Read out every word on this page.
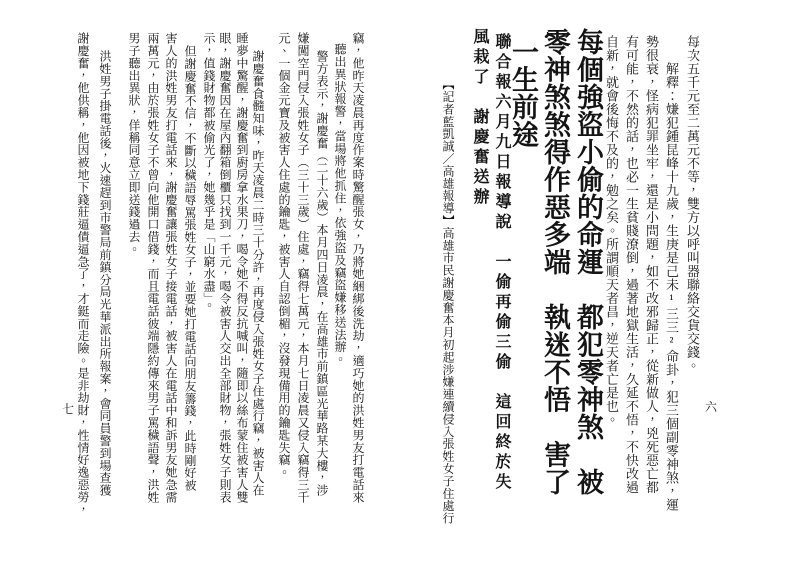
每次五千元至二萬元不等，雙方以呼叫器聯絡交貨交錢。
解釋：嫌犯鍾昆峰十九歲，生庚是己未¹三三²命卦，犯三個副零神煞，運
勢很衰，怪病犯罪坐牢，還是小問題，如不改邪歸正，從新做人，兇死惡亡都
有可能，不然的話，也必一生貧賤潦倒，過著地獄生活，久延不悟，不快改過
自新，就會後悔不及的，勉之矣。所謂順天者昌，逆天者亡是也。	六
每個強盜小偷的命運　都犯零神煞　被
零神煞煞得作惡多端　執迷不悟　害了
一生前途
聯合報六月九日報導說　一偷再偷三偷　這回終於失
風栽了　謝慶奮送辦
【記者藍凱誠／高雄報導】高雄市民謝慶奮本月初起涉嫌連續侵入張姓女子住處行
竊，他昨天凌晨再度作案時驚醒張女，乃將她綑綁後洗劫，適巧她的洪姓男友打電話來
聽出異狀報警，當場將他抓住，依強盜及竊盜嫌移送法辦。
警方表示，謝慶奮（二十六歲）本月四日凌晨，在高雄市前鎮區光華路某大樓，涉
嫌闖空門侵入張姓女子（三十三歲）住處，竊得七萬元，本月七日凌晨又侵入竊得三千
元、一個金元寶及被害人住處的鑰匙，被害人自認倒楣，沒發現備用的鑰匙失竊。
謝慶奮食髓知味，昨天凌晨二時三十分許，再度侵入張姓女子住處行竊，被害人在
睡夢中驚醒，謝慶奮到廚房拿水果刀，喝令她不得反抗喊叫，隨即以絲布蒙住被害人雙
眼，謝慶奮因在屋內翻箱倒櫃只找到一千元，喝令被害人交出全部財物，張姓女子則表
示，值錢財物都被偷光了，她幾乎是「山窮水盡」。
但謝慶奮不信，不斷以穢語辱罵張姓女子，並要她打電話向朋友籌錢，此時剛好被
害人的洪姓男友打電話來，謝慶奮讓張姓女子接電話，被害人在電話中和訴男友她急需
兩萬元，由於張姓女子不曾向他開口借錢，而且電話彼端隱約傳來男子罵穢語聲，洪姓
男子聽出異狀，佯稱同意立即送錢過去。
洪姓男子掛電話後，火速趕到市警局前鎮分局光華派出所報案，會同員警到場查獲
謝慶奮，他供稱，他因被地下錢莊逼債逼急了，才鋌而走險。是非劫財，性情好逸惡勞，
七
